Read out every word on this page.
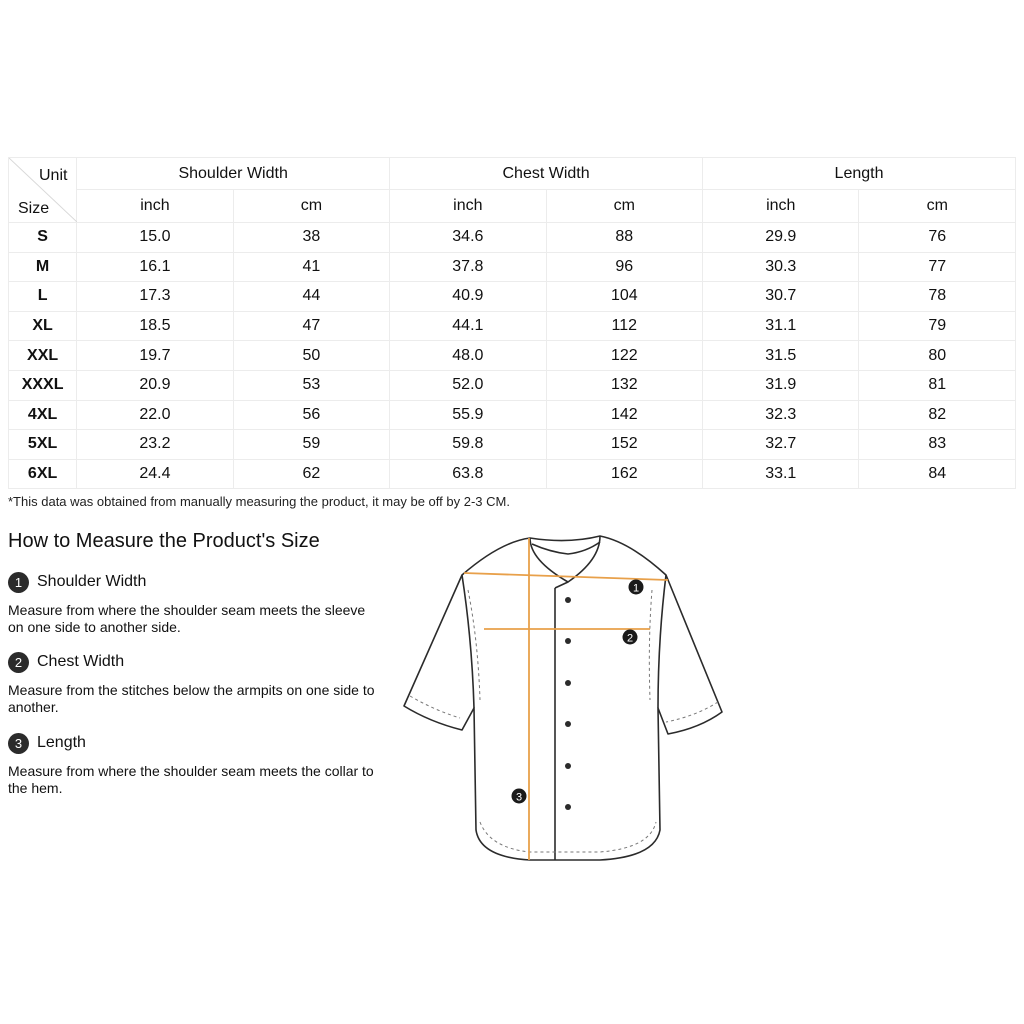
Unit
Size	Shoulder Width		Chest Width		Length	
	inch	cm	inch	cm	inch	cm
S	15.0	38	34.6	88	29.9	76
M	16.1	41	37.8	96	30.3	77
L	17.3	44	40.9	104	30.7	78
XL	18.5	47	44.1	112	31.1	79
XXL	19.7	50	48.0	122	31.5	80
XXXL	20.9	53	52.0	132	31.9	81
4XL	22.0	56	55.9	142	32.3	82
5XL	23.2	59	59.8	152	32.7	83
6XL	24.4	62	63.8	162	33.1	84
*This data was obtained from manually measuring the product, it may be off by 2-3 CM.
How to Measure the Product's Size
1 Shoulder Width
Measure from where the shoulder seam meets the sleeve on one side to another side.
2 Chest Width
Measure from the stitches below the armpits on one side to another.
3 Length
Measure from where the shoulder seam meets the collar to the hem.
1
2
3
